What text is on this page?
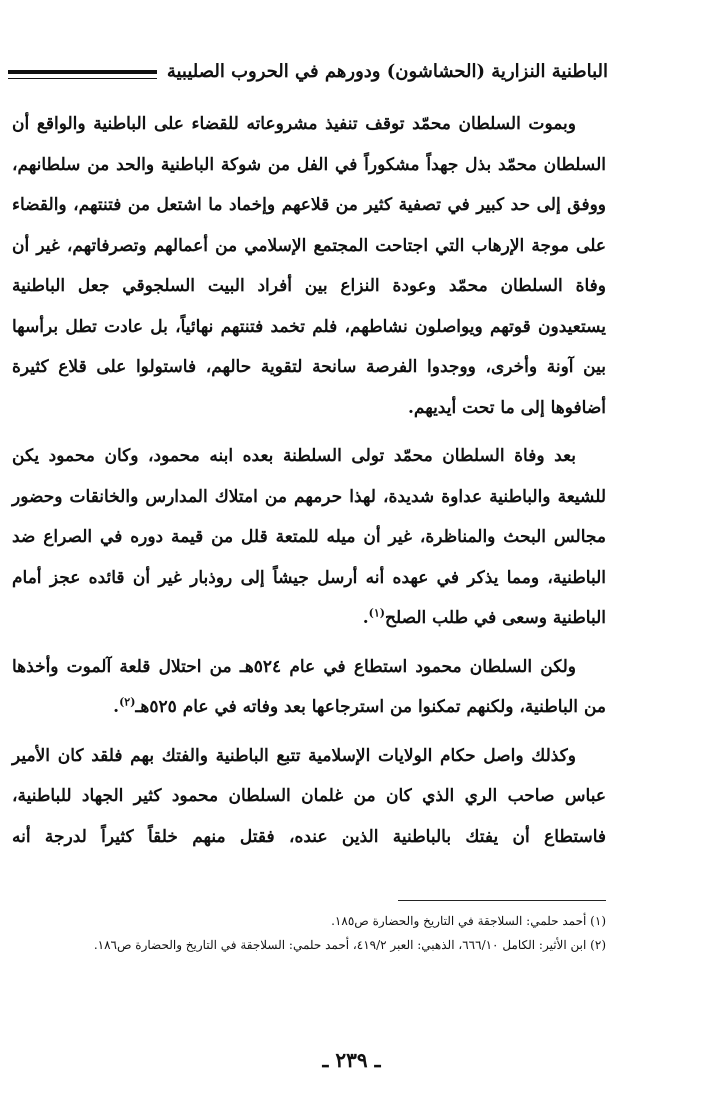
الباطنية النزارية (الحشاشون) ودورهم في الحروب الصليبية

وبموت السلطان محمّد توقف تنفيذ مشروعاته للقضاء على الباطنية والواقع أن السلطان محمّد بذل جهداً مشكوراً في الفل من شوكة الباطنية والحد من سلطانهم، ووفق إلى حد كبير في تصفية كثير من قلاعهم وإخماد ما اشتعل من فتنتهم، والقضاء على موجة الإرهاب التي اجتاحت المجتمع الإسلامي من أعمالهم وتصرفاتهم، غير أن وفاة السلطان محمّد وعودة النزاع بين أفراد البيت السلجوقي جعل الباطنية يستعيدون قوتهم ويواصلون نشاطهم، فلم تخمد فتنتهم نهائياً، بل عادت تطل برأسها بين آونة وأخرى، ووجدوا الفرصة سانحة لتقوية حالهم، فاستولوا على قلاع كثيرة أضافوها إلى ما تحت أيديهم.

بعد وفاة السلطان محمّد تولى السلطنة بعده ابنه محمود، وكان محمود يكن للشيعة والباطنية عداوة شديدة، لهذا حرمهم من امتلاك المدارس والخانقات وحضور مجالس البحث والمناظرة، غير أن ميله للمتعة قلل من قيمة دوره في الصراع ضد الباطنية، ومما يذكر في عهده أنه أرسل جيشاً إلى روذبار غير أن قائده عجز أمام الباطنية وسعى في طلب الصلح$^{(١)}$.

ولكن السلطان محمود استطاع في عام ٥٢٤هـ من احتلال قلعة آلموت وأخذها من الباطنية، ولكنهم تمكنوا من استرجاعها بعد وفاته في عام ٥٢٥هـ$^{(٢)}$.

وكذلك واصل حكام الولايات الإسلامية تتبع الباطنية والفتك بهم فلقد كان الأمير عباس صاحب الري الذي كان من غلمان السلطان محمود كثير الجهاد للباطنية، فاستطاع أن يفتك بالباطنية الذين عنده، فقتل منهم خلقاً كثيراً لدرجة أنه

(١) أحمد حلمي: السلاجقة في التاريخ والحضارة ص١٨٥.

(٢) ابن الأثير: الكامل ٦٦٦/١٠، الذهبي: العبر ٤١٩/٢، أحمد حلمي: السلاجقة في التاريخ والحضارة ص١٨٦.

ـ ٢٣٩ ـ
